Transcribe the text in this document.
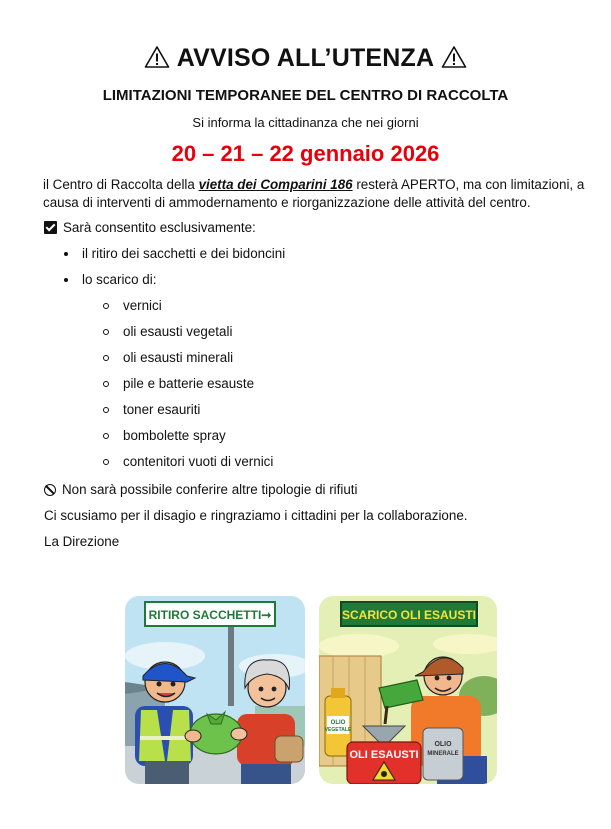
AVVISO ALL’UTENZA
LIMITAZIONI TEMPORANEE DEL CENTRO DI RACCOLTA
Si informa la cittadinanza che nei giorni
20 – 21 – 22 gennaio 2026
il Centro di Raccolta della vietta dei Comparini 186 resterà APERTO, ma con limitazioni, a causa di interventi di ammodernamento e riorganizzazione delle attività del centro.
Sarà consentito esclusivamente:
il ritiro dei sacchetti e dei bidoncini
lo scarico di:
vernici
oli esausti vegetali
oli esausti minerali
pile e batterie esauste
toner esauriti
bombolette spray
contenitori vuoti di vernici
Non sarà possibile conferire altre tipologie di rifiuti
Ci scusiamo per il disagio e ringraziamo i cittadini per la collaborazione.
La Direzione
RITIRO SACCHETTI➞	SCARICO OLI ESAUSTI
OLIO
VEGETALE
OLI ESAUSTI
OLIO
MINERALE
